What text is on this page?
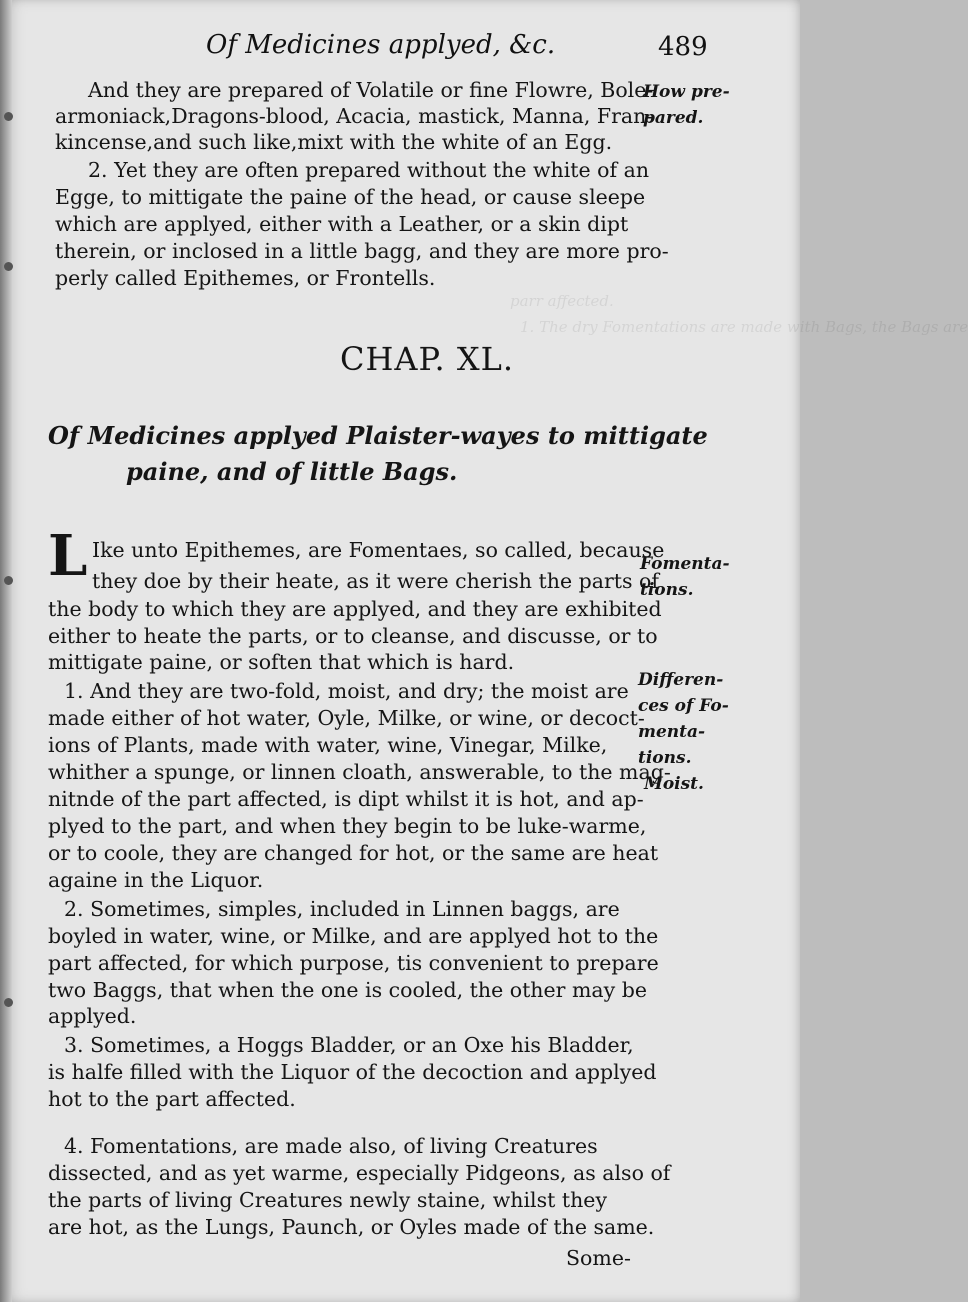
parr affected.
1. The dry Fomentations are made with Bags, the Bags are
Of Medicines applyed, &c.	489
And they are prepared of Volatile or fine Flowre, Bole-
armoniack,Dragons-blood, Acacia, mastick, Manna, Fran-
kincense,and such like,mixt with the white of an Egg.
2. Yet they are often prepared without the white of an
Egge, to mittigate the paine of the head, or cause sleepe
which are applyed, either with a Leather, or a skin dipt
therein, or inclosed in a little bagg, and they are more pro-
perly called Epithemes, or Frontells.
How pre-
pared.
CHAP. XL.
Of Medicines applyed Plaister-wayes to mittigate
paine, and of little Bags.
L Ike unto Epithemes, are Fomentaes, so called, because
they doe by their heate, as it were cherish the parts of
the body to which they are applyed, and they are exhibited
either to heate the parts, or to cleanse, and discusse, or to
mittigate paine, or soften that which is hard.
1. And they are two-fold, moist, and dry; the moist are
made either of hot water, Oyle, Milke, or wine, or decoct-
ions of Plants, made with water, wine, Vinegar, Milke,
whither a spunge, or linnen cloath, answerable, to the mag-
nitnde of the part affected, is dipt whilst it is hot, and ap-
plyed to the part, and when they begin to be luke-warme,
or to coole, they are changed for hot, or the same are heat
againe in the Liquor.
2. Sometimes, simples, included in Linnen baggs, are
boyled in water, wine, or Milke, and are applyed hot to the
part affected, for which purpose, tis convenient to prepare
two Baggs, that when the one is cooled, the other may be
applyed.
3. Sometimes, a Hoggs Bladder, or an Oxe his Bladder,
is halfe filled with the Liquor of the decoction and applyed
hot to the part affected.
4. Fomentations, are made also, of living Creatures
dissected, and as yet warme, especially Pidgeons, as also of
the parts of living Creatures newly staine, whilst they
are hot, as the Lungs, Paunch, or Oyles made of the same.
Some-
Fomenta-
tions.
Differen-
ces of Fo-
menta-
tions.
Moist.
